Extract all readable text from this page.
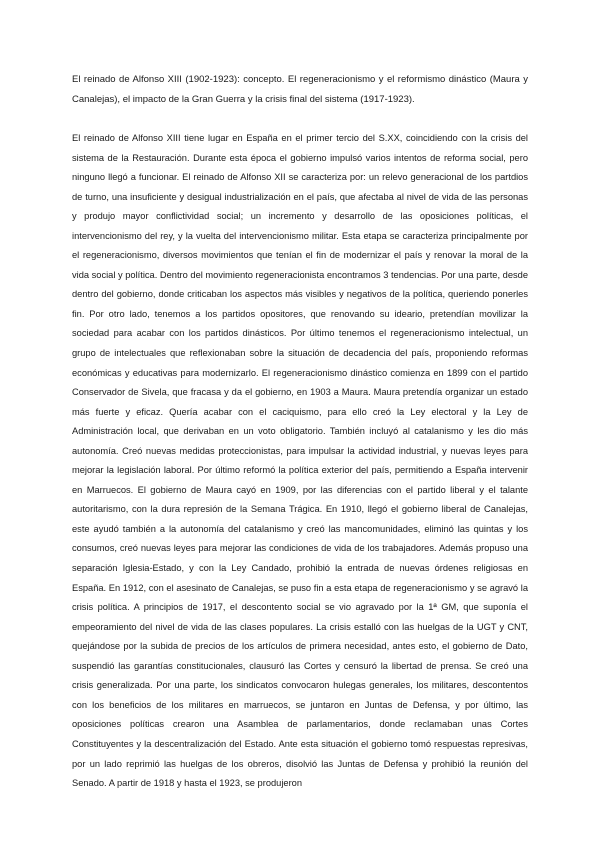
El reinado de Alfonso XIII (1902-1923): concepto. El regeneracionismo y el reformismo dinástico (Maura y Canalejas), el impacto de la Gran Guerra y la crisis final del sistema (1917-1923).

El reinado de Alfonso XIII tiene lugar en España en el primer tercio del S.XX, coincidiendo con la crisis del sistema de la Restauración. Durante esta época el gobierno impulsó varios intentos de reforma social, pero ninguno llegó a funcionar. El reinado de Alfonso XII se caracteriza por: un relevo generacional de los partdios de turno, una insuficiente y desigual industrialización en el país, que afectaba al nivel de vida de las personas y produjo mayor conflictividad social; un incremento y desarrollo de las oposiciones políticas, el intervencionismo del rey, y la vuelta del intervencionismo militar. Esta etapa se caracteriza principalmente por el regeneracionismo, diversos movimientos que tenían el fin de modernizar el país y renovar la moral de la vida social y política. Dentro del movimiento regeneracionista encontramos 3 tendencias. Por una parte, desde dentro del gobierno, donde criticaban los aspectos más visibles y negativos de la política, queriendo ponerles fin. Por otro lado, tenemos a los partidos opositores, que renovando su ideario, pretendían movilizar la sociedad para acabar con los partidos dinásticos. Por último tenemos el regeneracionismo intelectual, un grupo de intelectuales que reflexionaban sobre la situación de decadencia del país, proponiendo reformas económicas y educativas para modernizarlo. El regeneracionismo dinástico comienza en 1899 con el partido Conservador de Sivela, que fracasa y da el gobierno, en 1903 a Maura. Maura pretendía organizar un estado más fuerte y eficaz. Quería acabar con el caciquismo, para ello creó la Ley electoral y la Ley de Administración local, que derivaban en un voto obligatorio. También incluyó al catalanismo y les dio más autonomía. Creó nuevas medidas proteccionistas, para impulsar la actividad industrial, y nuevas leyes para mejorar la legislación laboral. Por último reformó la política exterior del país, permitiendo a España intervenir en Marruecos. El gobierno de Maura cayó en 1909, por las diferencias con el partido liberal y el talante autoritarismo, con la dura represión de la Semana Trágica. En 1910, llegó el gobierno liberal de Canalejas, este ayudó también a la autonomía del catalanismo y creó las mancomunidades, eliminó las quintas y los consumos, creó nuevas leyes para mejorar las condiciones de vida de los trabajadores. Además propuso una separación Iglesia-Estado, y con la Ley Candado, prohibió la entrada de nuevas órdenes religiosas en España. En 1912, con el asesinato de Canalejas, se puso fin a esta etapa de regeneracionismo y se agravó la crisis política. A principios de 1917, el descontento social se vio agravado por la 1ª GM, que suponía el empeoramiento del nivel de vida de las clases populares. La crisis estalló con las huelgas de la UGT y CNT, quejándose por la subida de precios de los artículos de primera necesidad, antes esto, el gobierno de Dato, suspendió las garantías constitucionales, clausuró las Cortes y censuró la libertad de prensa. Se creó una crisis generalizada. Por una parte, los sindicatos convocaron hulegas generales, los militares, descontentos con los beneficios de los militares en marruecos, se juntaron en Juntas de Defensa, y por último, las oposiciones políticas crearon una Asamblea de parlamentarios, donde reclamaban unas Cortes Constituyentes y la descentralización del Estado. Ante esta situación el gobierno tomó respuestas represivas, por un lado reprimió las huelgas de los obreros, disolvió las Juntas de Defensa y prohibió la reunión del Senado. A partir de 1918 y hasta el 1923, se produjeron
